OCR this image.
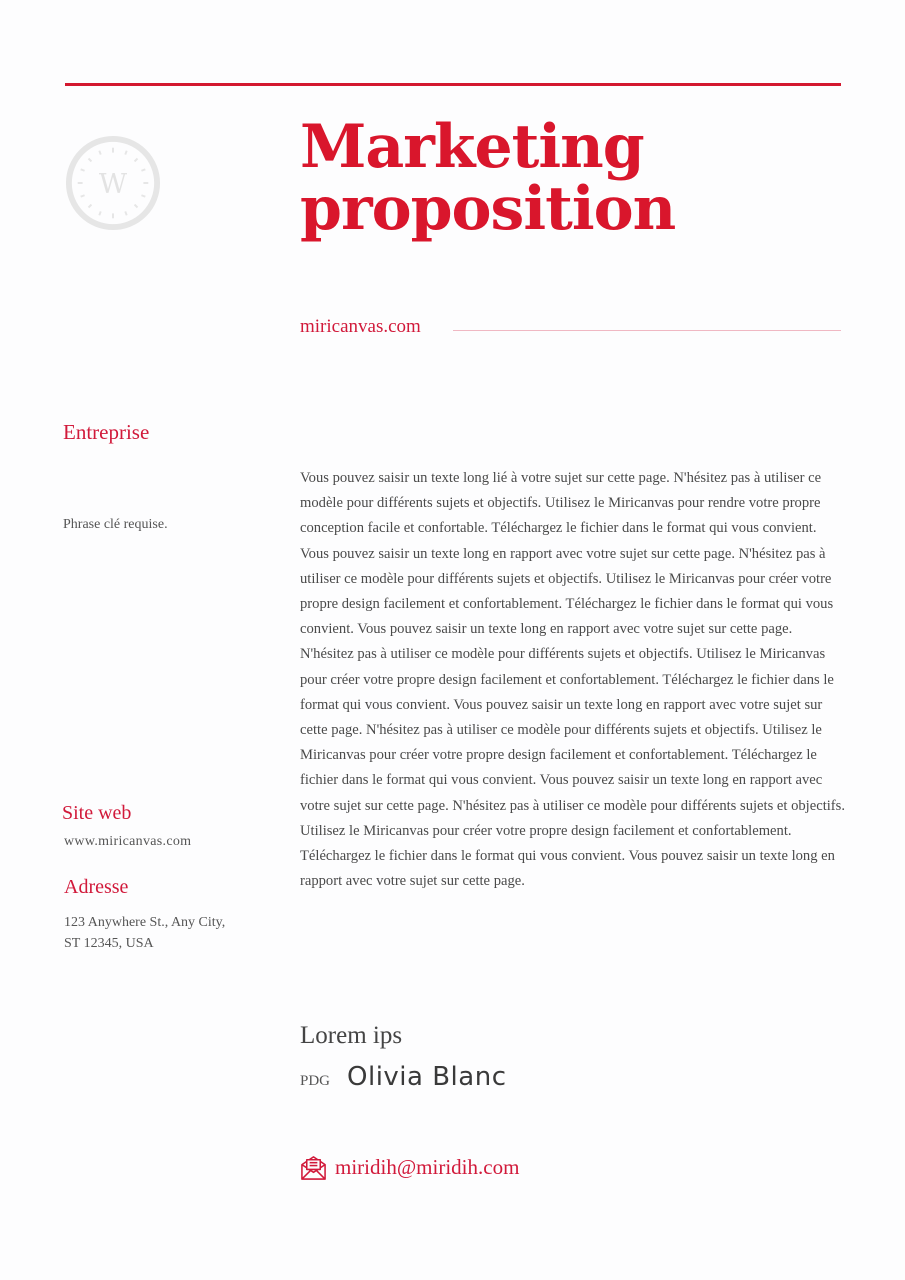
W
Marketing
proposition
miricanvas.com
Entreprise
Phrase clé requise.
Site web
www.miricanvas.com
Adresse
123 Anywhere St., Any City,
ST 12345, USA

Vous pouvez saisir un texte long lié à votre sujet sur cette page. N'hésitez pas à utiliser ce modèle pour différents sujets et objectifs. Utilisez le Miricanvas pour rendre votre propre conception facile et confortable. Téléchargez le fichier dans le format qui vous convient. Vous pouvez saisir un texte long en rapport avec votre sujet sur cette page. N'hésitez pas à utiliser ce modèle pour différents sujets et objectifs. Utilisez le Miricanvas pour créer votre propre design facilement et confortablement. Téléchargez le fichier dans le format qui vous convient. Vous pouvez saisir un texte long en rapport avec votre sujet sur cette page. N'hésitez pas à utiliser ce modèle pour différents sujets et objectifs. Utilisez le Miricanvas pour créer votre propre design facilement et confortablement. Téléchargez le fichier dans le format qui vous convient. Vous pouvez saisir un texte long en rapport avec votre sujet sur cette page. N'hésitez pas à utiliser ce modèle pour différents sujets et objectifs. Utilisez le Miricanvas pour créer votre propre design facilement et confortablement. Téléchargez le fichier dans le format qui vous convient. Vous pouvez saisir un texte long en rapport avec votre sujet sur cette page. N'hésitez pas à utiliser ce modèle pour différents sujets et objectifs. Utilisez le Miricanvas pour créer votre propre design facilement et confortablement. Téléchargez le fichier dans le format qui vous convient. Vous pouvez saisir un texte long en rapport avec votre sujet sur cette page.

Lorem ips
PDG Olivia Blanc
miridih@miridih.com
